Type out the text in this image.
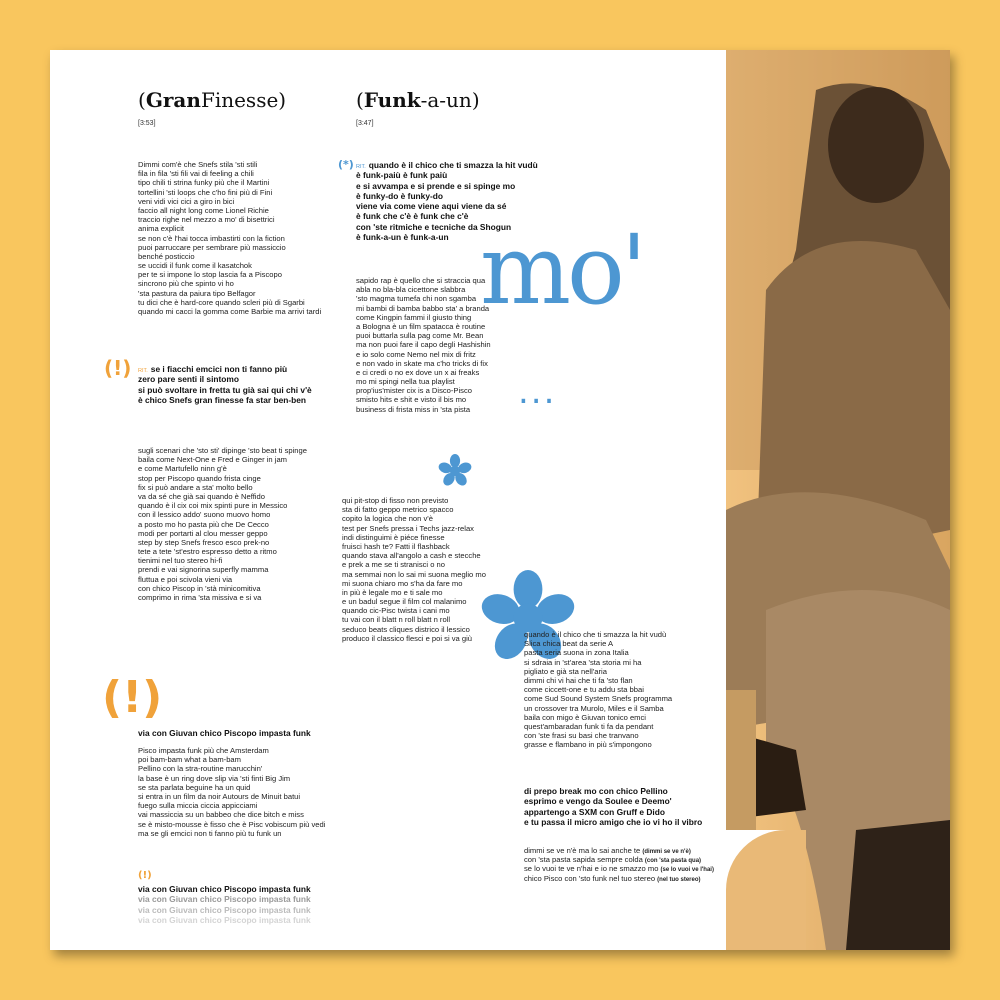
(GranFinesse)
[3:53]
Dimmi com'è che Snefs stila 'sti stili
fila in fila 'sti fili vai di feeling a chili
tipo chili ti strina funky più che il Martini
tortellini 'sti loops che c'ho fini più di Fini
veni vidi vici cici a giro in bici
faccio all night long come Lionel Richie
traccio righe nel mezzo a mo' di bisettrici
anima explicit
se non c'è l'hai tocca imbastirti con la fiction
puoi parruccare per sembrare più massiccio
benché posticcio
se uccidi il funk come il kasatchok
per te si impone lo stop lascia fa a Piscopo
sincrono più che spinto vi ho
'sta pastura da paiura tipo Belfagor
tu dici che è hard-core quando scleri più di Sgarbi
quando mi cacci la gomma come Barbie ma arrivi tardi
(!) RIT. se i fiacchi emcici non ti fanno più
zero pare senti il sintomo
si può svoltare in fretta tu già sai qui chi v'è
è chico Snefs gran finesse fa star ben-ben
sugli scenari che 'sto sti' dipinge 'sto beat ti spinge
baila come Next-One e Fred e Ginger in jam
e come Martufello ninn g'è
stop per Piscopo quando frista cinge
fix si può andare a sta' molto bello
va da sé che già sai quando è Neffido
quando è il cix coi mix spinti pure in Messico
con il lessico addo' suono muovo homo
a posto mo ho pasta più che De Cecco
modi per portarti al clou messer geppo
step by step Snefs fresco esco prek-no
tete a tete 'st'estro espresso detto a ritmo
tienimi nel tuo stereo hi-fi
prendi e vai signorina superfly mamma
fluttua e poi scivola vieni via
con chico Piscop in 'stà minicomitiva
comprimo in rima 'sta missiva e si va
(!)
via con Giuvan chico Piscopo impasta funk
Pisco impasta funk più che Amsterdam
poi bam-bam what a bam-bam
Pellino con la stra-routine marucchin'
la base è un ring dove slip via 'sti finti Big Jim
se sta parlata beguine ha un quid
si entra in un film da noir Autours de Minuit batui
fuego sulla miccia ciccia appicciami
vai massiccia su un babbeo che dice bitch e miss
se è misto-mousse è fisso che è Pisc vobiscum più vedi
ma se gli emcici non ti fanno più tu funk un
(!)
via con Giuvan chico Piscopo impasta funk
via con Giuvan chico Piscopo impasta funk
via con Giuvan chico Piscopo impasta funk
via con Giuvan chico Piscopo impasta funk
(Funk-a-un)
[3:47]
(*) RIT. quando è il chico che ti smazza la hit vudù
è funk-paiù è funk paiù
e si avvampa e si prende e si spinge mo
è funky-do è funky-do
viene via come viene aqui viene da sé
è funk che c'è è funk che c'è
con 'ste ritmiche e tecniche da Shogun
è funk-a-un è funk-a-un
sapido rap è quello che si straccia qua
abla no bla-bla cicettone slabbra
'sto magma tumefa chi non sgamba
mi bambi di bamba babbo sta' a branda
come Kingpin fammi il giusto thing
a Bologna è un film spatacca è routine
puoi buttarla sulla pag come Mr. Bean
ma non puoi fare il capo degli Hashishin
e io solo come Nemo nel mix di fritz
e non vado in skate ma c'ho tricks di fix
e ci credi o no ex dove un x ai freaks
mo mi spingi nella tua playlist
prop'ius'mister cix is a Disco-Pisco
smisto hits e shit e visto il bis mo
business di frista miss in 'sta pista
mo'
...
qui pit-stop di fisso non previsto
sta di fatto geppo metrico spacco
copito la logica che non v'è
test per Snefs pressa i Techs jazz-relax
indi distinguimi è piéce finesse
fruisci hash te? Fatti il flashback
quando stava all'angolo a cash e stecche
e prek a me se ti stranisci o no
ma semmai non lo sai mi suona meglio mo
mi suona chiaro mo s'ha da fare mo
in più è legale mo e ti sale mo
e un badul segue il film col malanimo
quando cic-Pisc twista i cani mo
tu vai con il blatt n roll blatt n roll
seduco beats cliques districo il lessico
produco il classico flesci e poi si va giù	quando è il chico che ti smazza la hit vudù
Slica chica beat da serie A
pasta seria suona in zona Italia
si sdraia in 'st'area 'sta storia mi ha
pigliato e già sta nell'aria
dimmi chi vi hai che ti fa 'sto flan
come ciccett-one e tu addu sta bbai
come Sud Sound System Snefs programma
un crossover tra Murolo, Miles e il Samba
baila con migo è Giuvan tonico emci
quest'ambaradan funk ti fa da pendant
con 'ste frasi su basi che tranvano
grasse e flambano in più s'impongono
di prepo break mo con chico Pellino
esprimo e vengo da Soulee e Deemo'
appartengo a SXM con Gruff e Dido
e tu passa il micro amigo che io vi ho il vibro
dimmi se ve n'è ma lo sai anche te (dimmi se ve n'è)
con 'sta pasta sapida sempre colda (con 'sta pasta qua)
se lo vuoi te ve n'hai e io ne smazzo mo (se lo vuoi ve l'hai)
chico Pisco con 'sto funk nel tuo stereo (nel tuo stereo)
